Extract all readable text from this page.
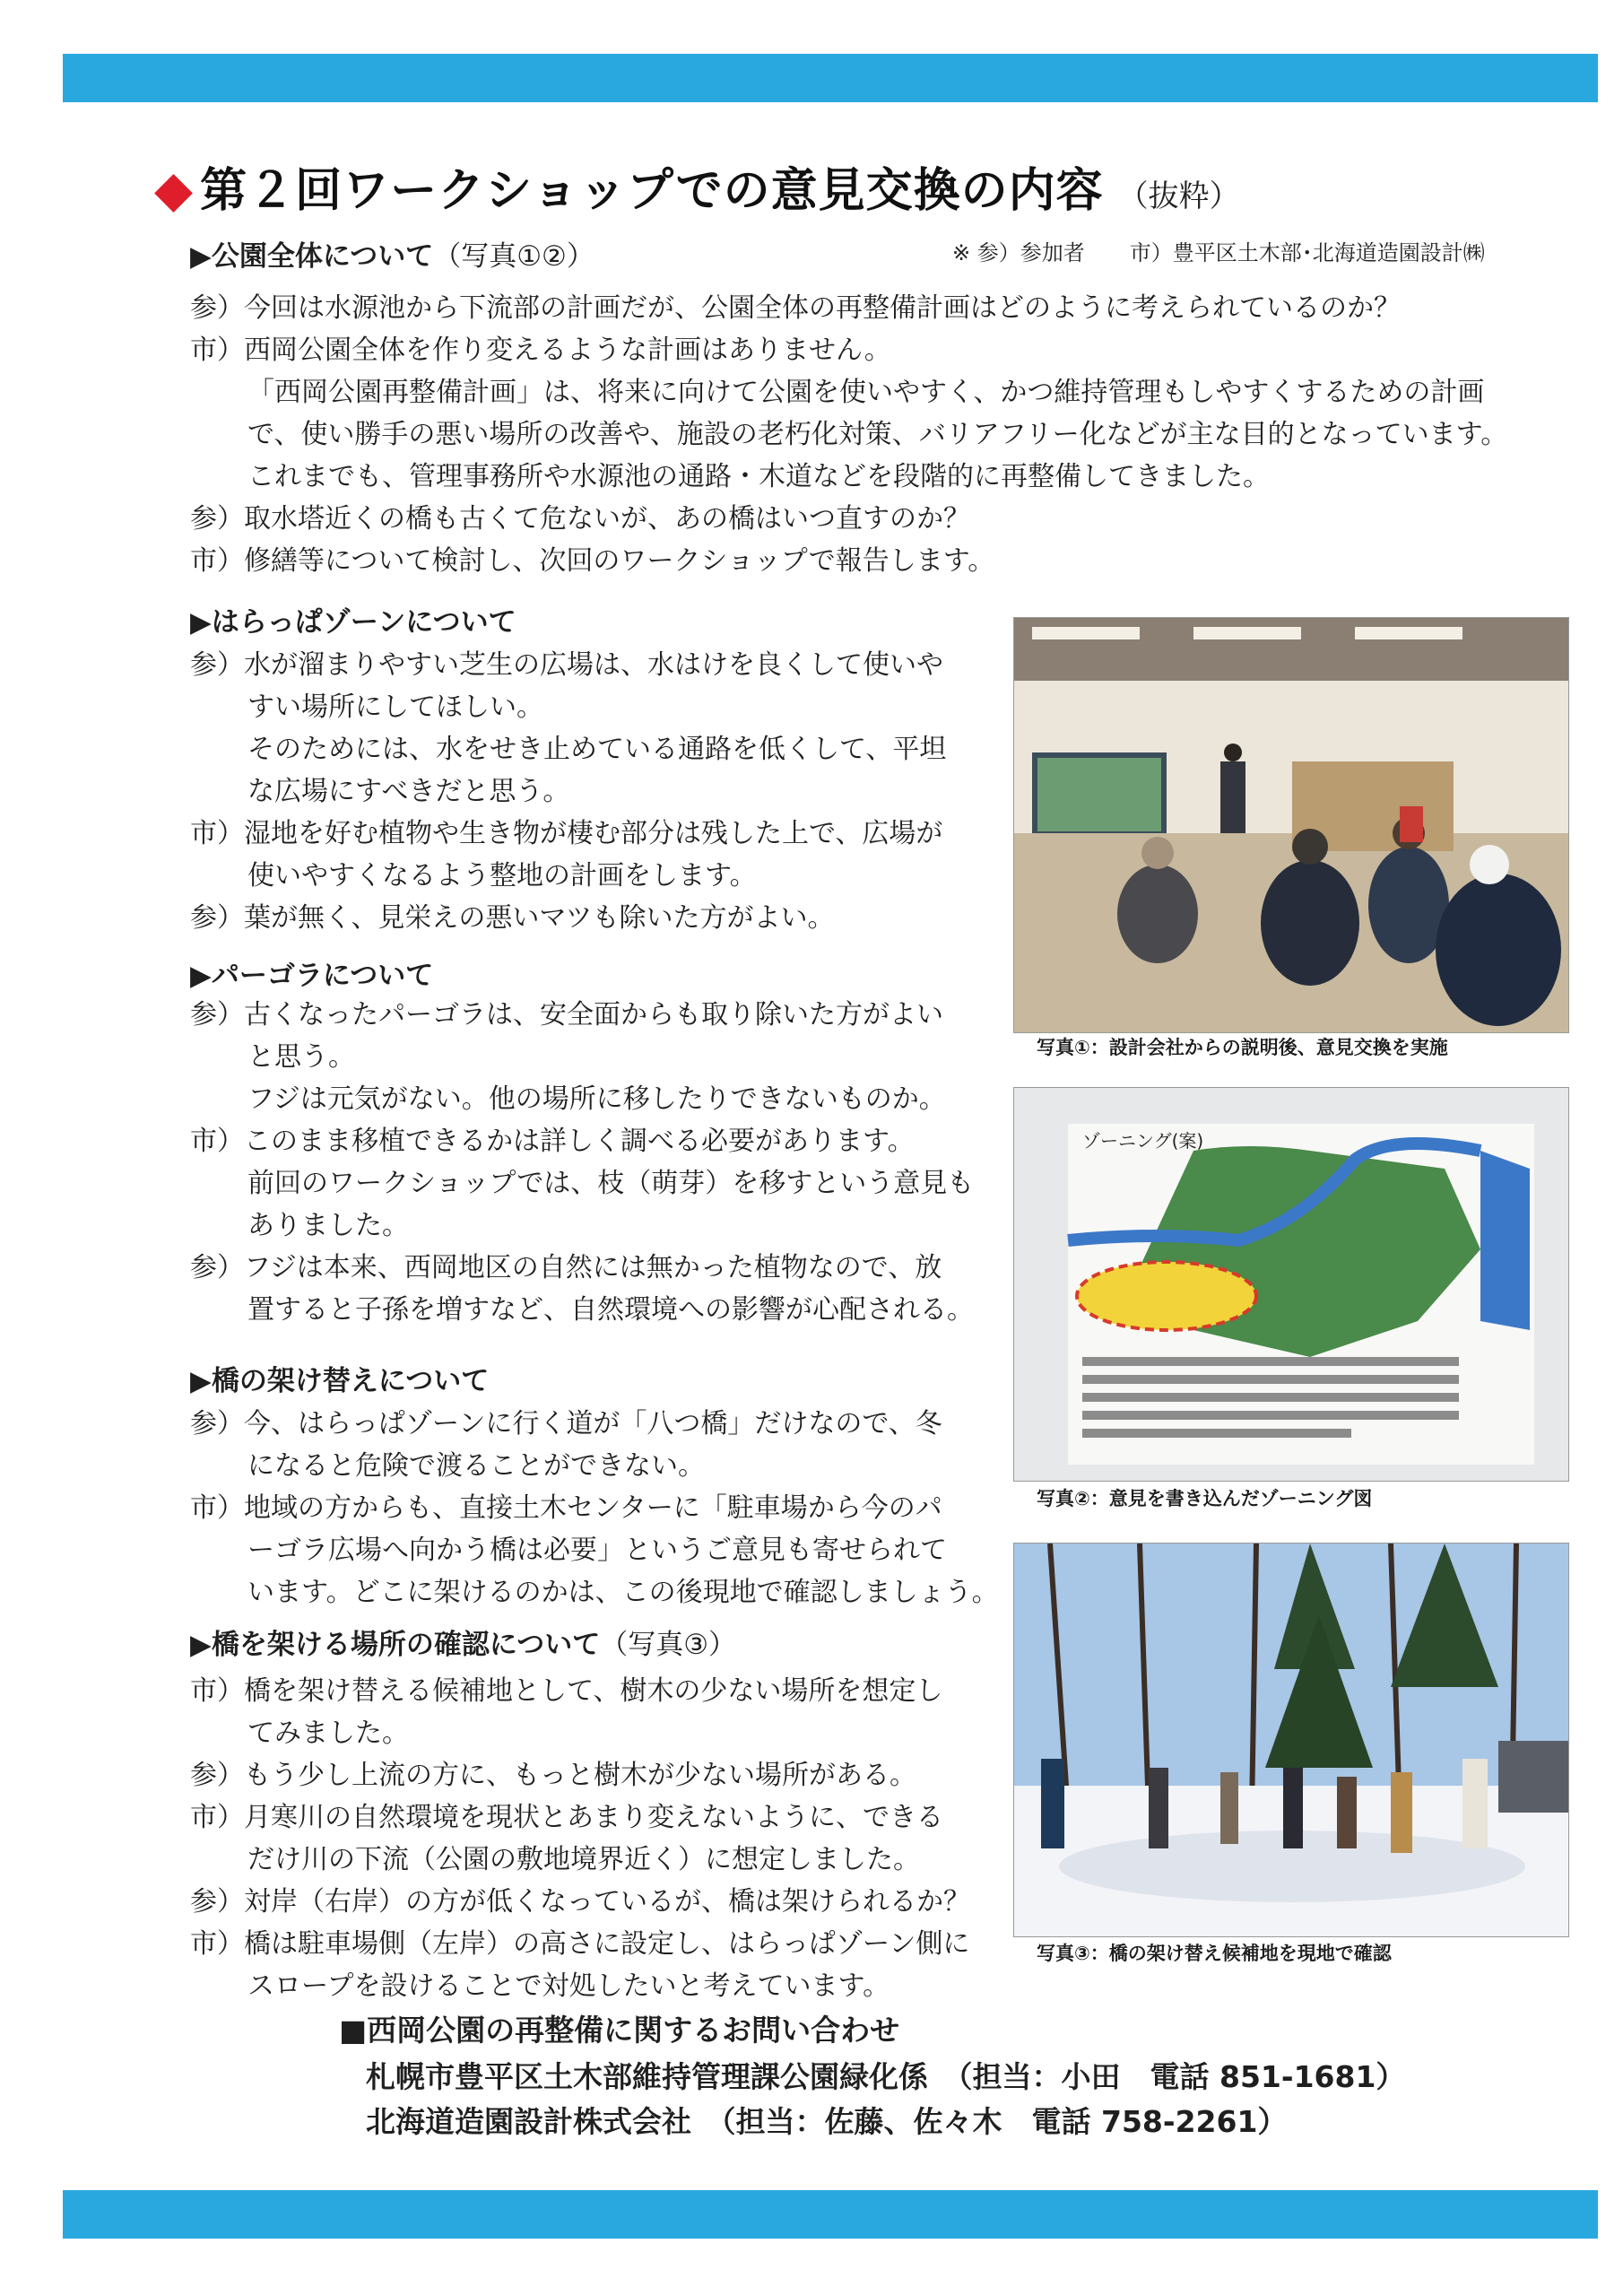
◆ 第２回ワークショップでの意見交換の内容 （抜粋）
※ 参）参加者 市）豊平区土木部･北海道造園設計㈱
▶公園全体について（写真①②）
参）今回は水源池から下流部の計画だが、公園全体の再整備計画はどのように考えられているのか？
市）西岡公園全体を作り変えるような計画はありません。
「西岡公園再整備計画」は、将来に向けて公園を使いやすく、かつ維持管理もしやすくするための計画
で、使い勝手の悪い場所の改善や、施設の老朽化対策、バリアフリー化などが主な目的となっています。
これまでも、管理事務所や水源池の通路・木道などを段階的に再整備してきました。
参）取水塔近くの橋も古くて危ないが、あの橋はいつ直すのか？
市）修繕等について検討し、次回のワークショップで報告します。
▶はらっぱゾーンについて
参）水が溜まりやすい芝生の広場は、水はけを良くして使いや
すい場所にしてほしい。
そのためには、水をせき止めている通路を低くして、平坦
な広場にすべきだと思う。
市）湿地を好む植物や生き物が棲む部分は残した上で、広場が
使いやすくなるよう整地の計画をします。
参）葉が無く、見栄えの悪いマツも除いた方がよい。
▶パーゴラについて
参）古くなったパーゴラは、安全面からも取り除いた方がよい
と思う。
フジは元気がない。他の場所に移したりできないものか。
市）このまま移植できるかは詳しく調べる必要があります。
前回のワークショップでは、枝（萌芽）を移すという意見も
ありました。
参）フジは本来、西岡地区の自然には無かった植物なので、放
置すると子孫を増すなど、自然環境への影響が心配される。
▶橋の架け替えについて
参）今、はらっぱゾーンに行く道が「八つ橋」だけなので、冬
になると危険で渡ることができない。
市）地域の方からも、直接土木センターに「駐車場から今のパ
ーゴラ広場へ向かう橋は必要」というご意見も寄せられて
います。どこに架けるのかは、この後現地で確認しましょう。
▶橋を架ける場所の確認について（写真③）
市）橋を架け替える候補地として、樹木の少ない場所を想定し
てみました。
参）もう少し上流の方に、もっと樹木が少ない場所がある。
市）月寒川の自然環境を現状とあまり変えないように、できる
だけ川の下流（公園の敷地境界近く）に想定しました。
参）対岸（右岸）の方が低くなっているが、橋は架けられるか？
市）橋は駐車場側（左岸）の高さに設定し、はらっぱゾーン側に
スロープを設けることで対処したいと考えています。
写真①：設計会社からの説明後、意見交換を実施
ゾーニング(案)
写真②：意見を書き込んだゾーニング図
写真③：橋の架け替え候補地を現地で確認
■西岡公園の再整備に関するお問い合わせ
札幌市豊平区土木部維持管理課公園緑化係　（担当：小田　電話 851-1681）
北海道造園設計株式会社　（担当：佐藤、佐々木　電話 758-2261）
